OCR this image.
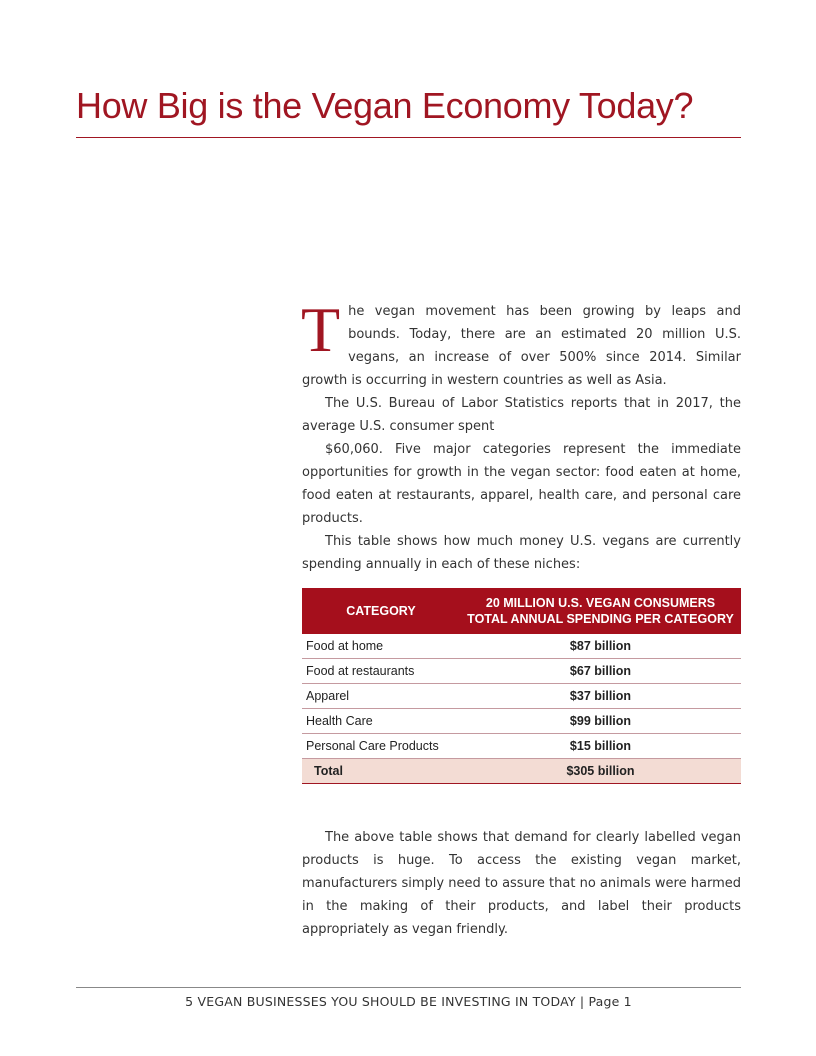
How Big is the Vegan Economy Today?

The vegan movement has been growing by leaps and bounds. Today, there are an estimated 20 million U.S. vegans, an increase of over 500% since 2014. Similar growth is occurring in western countries as well as Asia.

The U.S. Bureau of Labor Statistics reports that in 2017, the average U.S. consumer spent

$60,060. Five major categories represent the immediate opportunities for growth in the vegan sector: food eaten at home, food eaten at restaurants, apparel, health care, and personal care products.

This table shows how much money U.S. vegans are currently spending annually in each of these niches:

CATEGORY	20 MILLION U.S. VEGAN CONSUMERS
TOTAL ANNUAL SPENDING PER CATEGORY
Food at home	$87 billion
Food at restaurants	$67 billion
Apparel	$37 billion
Health Care	$99 billion
Personal Care Products	$15 billion
Total	$305 billion

The above table shows that demand for clearly labelled vegan products is huge. To access the existing vegan market, manufacturers simply need to assure that no animals were harmed in the making of their products, and label their products appropriately as vegan friendly.

5 VEGAN BUSINESSES YOU SHOULD BE INVESTING IN TODAY | Page 1
